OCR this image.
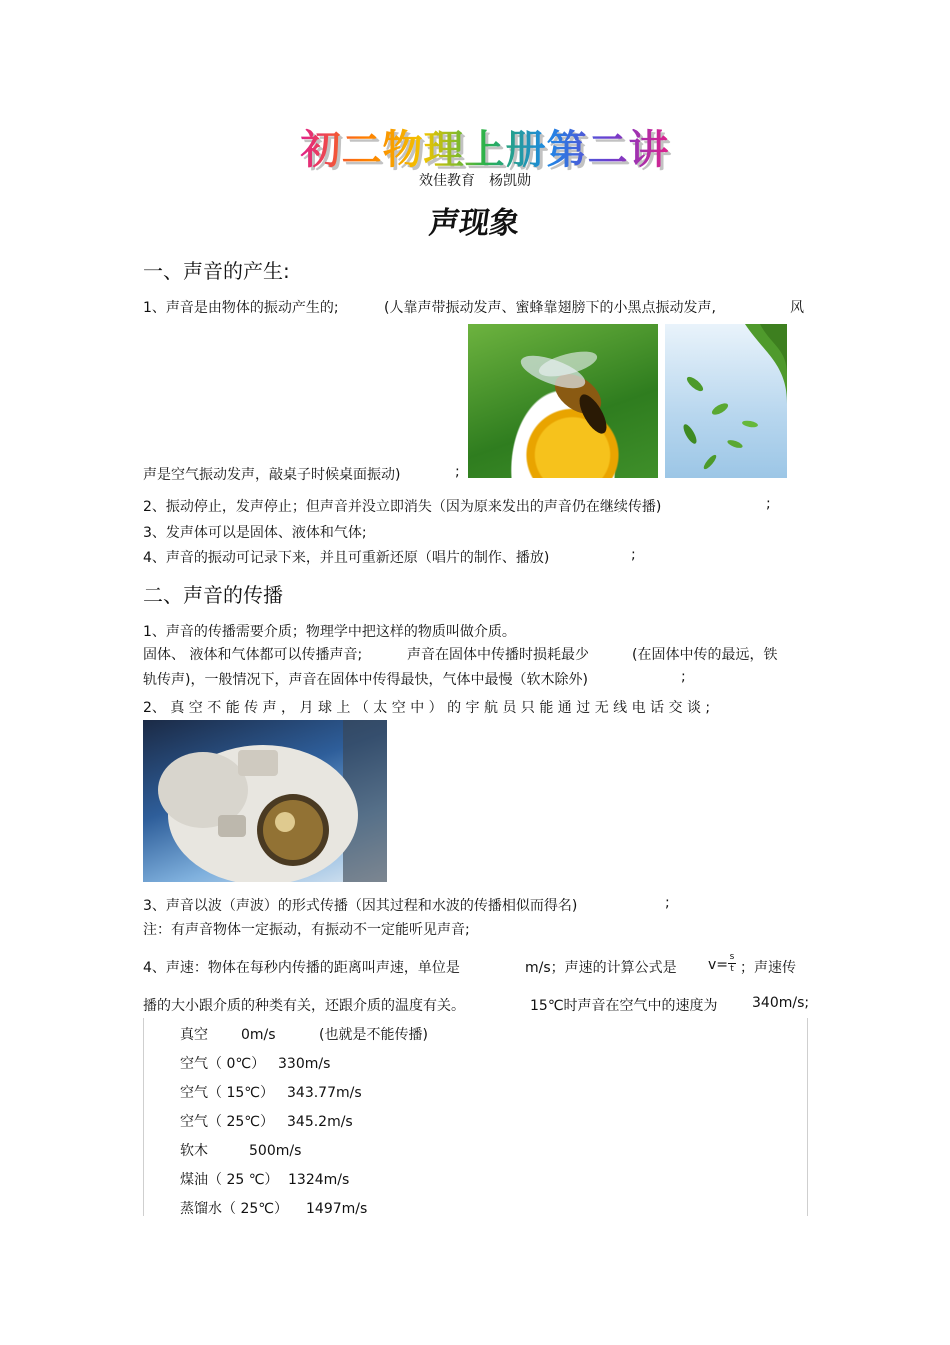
初二物理上册第二讲
效佳教育　杨凯勋
声现象
一、声音的产生:
1、声音是由物体的振动产生的;	(人靠声带振动发声、蜜蜂靠翅膀下的小黑点振动发声,	风
声是空气振动发声，敲桌子时候桌面振动)	;
2、振动停止，发声停止；但声音并没立即消失（因为原来发出的声音仍在继续传播)	;
3、发声体可以是固体、液体和气体;
4、声音的振动可记录下来，并且可重新还原（唱片的制作、播放)	;
二、声音的传播
1、声音的传播需要介质；物理学中把这样的物质叫做介质。
固体、 液体和气体都可以传播声音;	声音在固体中传播时损耗最少	(在固体中传的最远，铁
轨传声)，一般情况下，声音在固体中传得最快，气体中最慢（软木除外)	;
2、 真 空 不 能 传 声 ， 月 球 上 （ 太 空 中 ） 的 宇 航 员 只 能 通 过 无 线 电 话 交 谈 ;
3、声音以波（声波）的形式传播（因其过程和水波的传播相似而得名)	;
注：有声音物体一定振动，有振动不一定能听见声音;
4、声速：物体在每秒内传播的距离叫声速，单位是	m/s；声速的计算公式是 v= s
t ；声速传
播的大小跟介质的种类有关，还跟介质的温度有关。	15℃时声音在空气中的速度为 340m/s;
真空 0m/s	(也就是不能传播)
空气（ 0℃） 330m/s
空气（ 15℃） 343.77m/s
空气（ 25℃） 345.2m/s
软木	500m/s
煤油（ 25 ℃） 1324m/s
蒸馏水（ 25℃） 1497m/s
